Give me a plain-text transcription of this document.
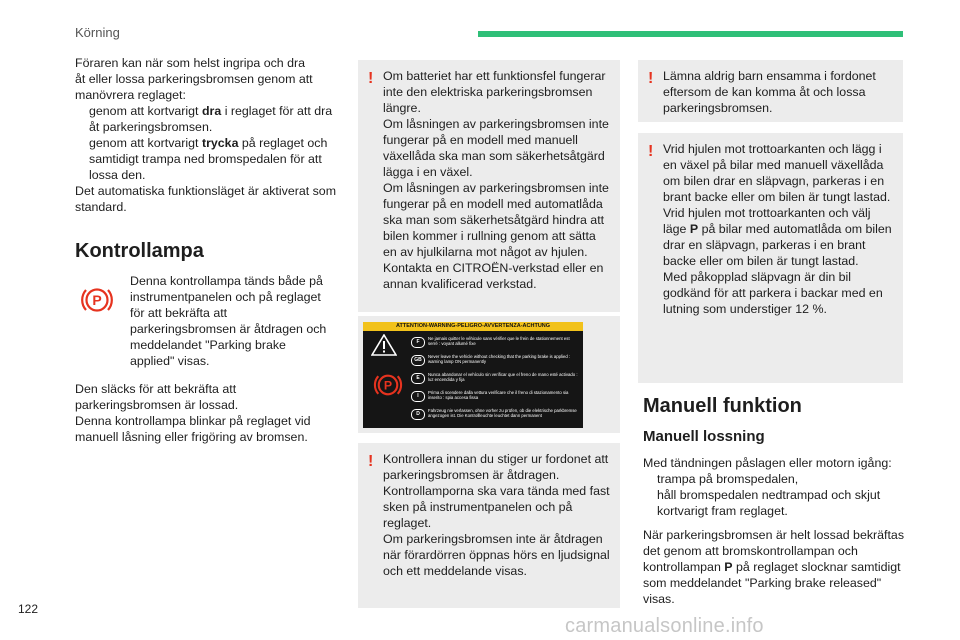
Körning

Föraren kan när som helst ingripa och dra

åt eller lossa parkeringsbromsen genom att

manövrera reglaget:

genom att kortvarigt dra i reglaget för att dra åt parkeringsbromsen.
genom att kortvarigt trycka på reglaget och samtidigt trampa ned bromspedalen för att lossa den.

Det automatiska funktionsläget är aktiverat som standard.

Kontrollampa
P

Denna kontrollampa tänds både på instrumentpanelen och på reglaget för att bekräfta att parkeringsbromsen är åtdragen och meddelandet "Parking brake applied" visas.

Den släcks för att bekräfta att
parkeringsbromsen är lossad.
Denna kontrollampa blinkar på reglaget vid
manuell låsning eller frigöring av bromsen.

! Om batteriet har ett funktionsfel fungerar inte den elektriska parkeringsbromsen längre.
Om låsningen av parkeringsbromsen inte fungerar på en modell med manuell växellåda ska man som säkerhetsåtgärd lägga i en växel.
Om låsningen av parkeringsbromsen inte fungerar på en modell med automatlåda ska man som säkerhetsåtgärd hindra att bilen kommer i rullning genom att sätta en av hjulkilarna mot något av hjulen.
Kontakta en CITROËN-verkstad eller en annan kvalificerad verkstad.

ATTENTION-WARNING-PELIGRO-AVVERTENZA-ACHTUNG
P
F
Ne jamais quitter le véhicule sans vérifier que le frein de stationnement est serré : voyant allumé fixe
GB
Never leave the vehicle without checking that the parking brake is applied : warning lamp ON permanently
E
Nunca abandonar el vehículo sin verificar que el freno de mano esté activado : luz encendida y fija
I
Prima di scendere dalla vettura verificare che il freno di stazionamento sia inserito : spia accesa fissa
D
Fahrzeug nie verlassen, ohne vorher zu prüfen, ob die elektrische parkbremse angezogen ist. Die Kontrollleuchte leuchtet dann permanent
! Kontrollera innan du stiger ur fordonet att parkeringsbromsen är åtdragen. Kontrollamporna ska vara tända med fast sken på instrumentpanelen och på reglaget.
Om parkeringsbromsen inte är åtdragen när förardörren öppnas hörs en ljudsignal och ett meddelande visas.

! Lämna aldrig barn ensamma i fordonet eftersom de kan komma åt och lossa parkeringsbromsen.

! Vrid hjulen mot trottoarkanten och lägg i en växel på bilar med manuell växellåda om bilen drar en släpvagn, parkeras i en brant backe eller om bilen är tungt lastad.
Vrid hjulen mot trottoarkanten och välj läge P på bilar med automatlåda om bilen drar en släpvagn, parkeras i en brant backe eller om bilen är tungt lastad.
Med påkopplad släpvagn är din bil godkänd för att parkera i backar med en lutning som understiger 12 %.

Manuell funktion
Manuell lossning

Med tändningen påslagen eller motorn igång:

trampa på bromspedalen,
håll bromspedalen nedtrampad och skjut kortvarigt fram reglaget.

När parkeringsbromsen är helt lossad bekräftas det genom att bromskontrollampan och kontrollampan P på reglaget slocknar samtidigt som meddelandet "Parking brake released" visas.

122
carmanualsonline.info
